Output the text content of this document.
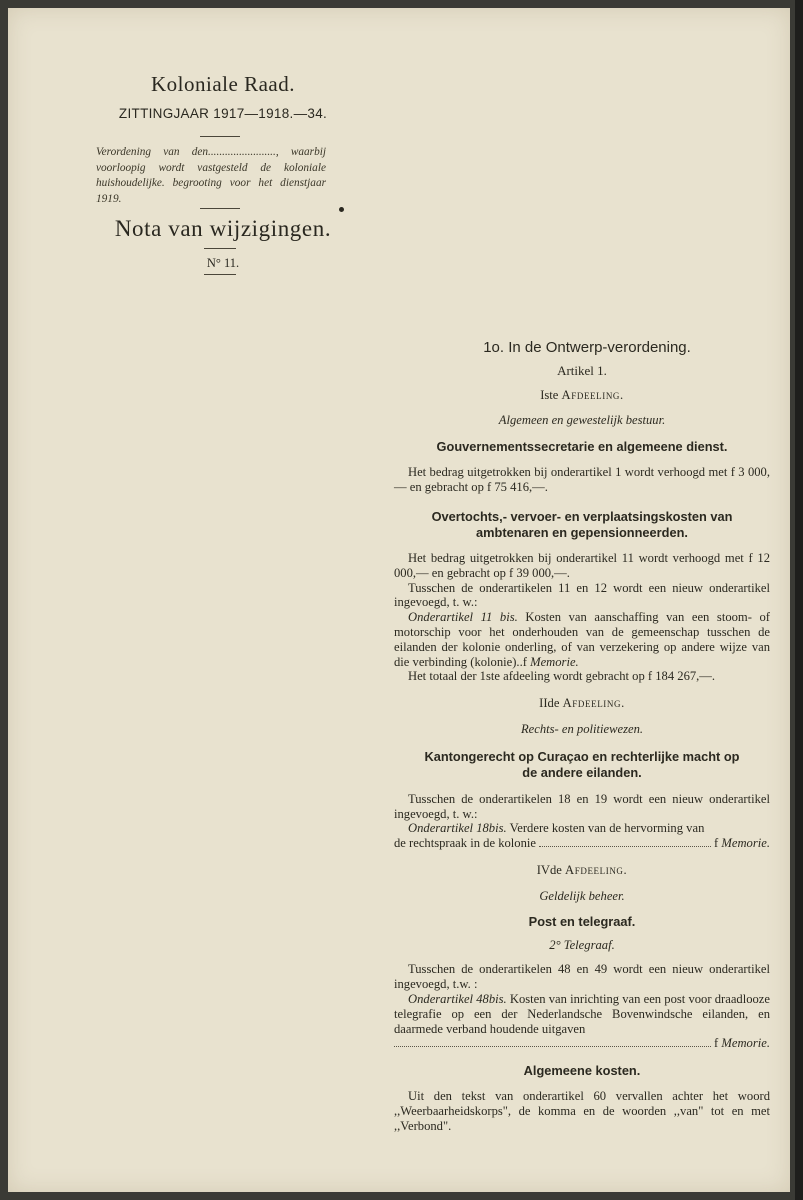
Koloniale Raad.
ZITTINGJAAR 1917—1918.—34.
Verordening van den........................, waarbij voorloopig wordt vastgesteld de koloniale huishoudelijke. begrooting voor het dienstjaar 1919.
Nota van wijzigingen.
N° 11.
1o. In de Ontwerp-verordening.
Artikel 1.
Iste Afdeeling.
Algemeen en gewestelijk bestuur.
Gouvernementssecretarie en algemeene dienst.

Het bedrag uitgetrokken bij onderartikel 1 wordt verhoogd met f 3 000,— en gebracht op f 75 416,—.

Overtochts,- vervoer- en verplaatsingskosten van ambtenaren en gepensionneerden.

Het bedrag uitgetrokken bij onderartikel 11 wordt verhoogd met f 12 000,— en gebracht op f 39 000,—.

Tusschen de onderartikelen 11 en 12 wordt een nieuw onderartikel ingevoegd, t. w.:

Onderartikel 11 bis. Kosten van aanschaffing van een stoom- of motorschip voor het onderhouden van de gemeenschap tusschen de eilanden der kolonie onderling, of van verzekering op andere wijze van die verbinding (kolonie)..f Memorie.

Het totaal der 1ste afdeeling wordt gebracht op f 184 267,—.

IIde Afdeeling.
Rechts- en politiewezen.
Kantongerecht op Curaçao en rechterlijke macht op de andere eilanden.

Tusschen de onderartikelen 18 en 19 wordt een nieuw onderartikel ingevoegd, t. w.:

Onderartikel 18bis. Verdere kosten van de hervorming van
de rechtspraak in de kolonie	f
Memorie.
IVde Afdeeling.
Geldelijk beheer.
Post en telegraaf.
2° Telegraaf.

Tusschen de onderartikelen 48 en 49 wordt een nieuw onderartikel ingevoegd, t.w. :

Onderartikel 48bis. Kosten van inrichting van een post voor draadlooze telegrafie op een der Nederlandsche Bovenwindsche eilanden, en daarmede verband houdende uitgaven

f
Memorie.
Algemeene kosten.

Uit den tekst van onderartikel 60 vervallen achter het woord ,,Weerbaarheidskorps", de komma en de woorden ,,van" tot en met ,,Verbond".
